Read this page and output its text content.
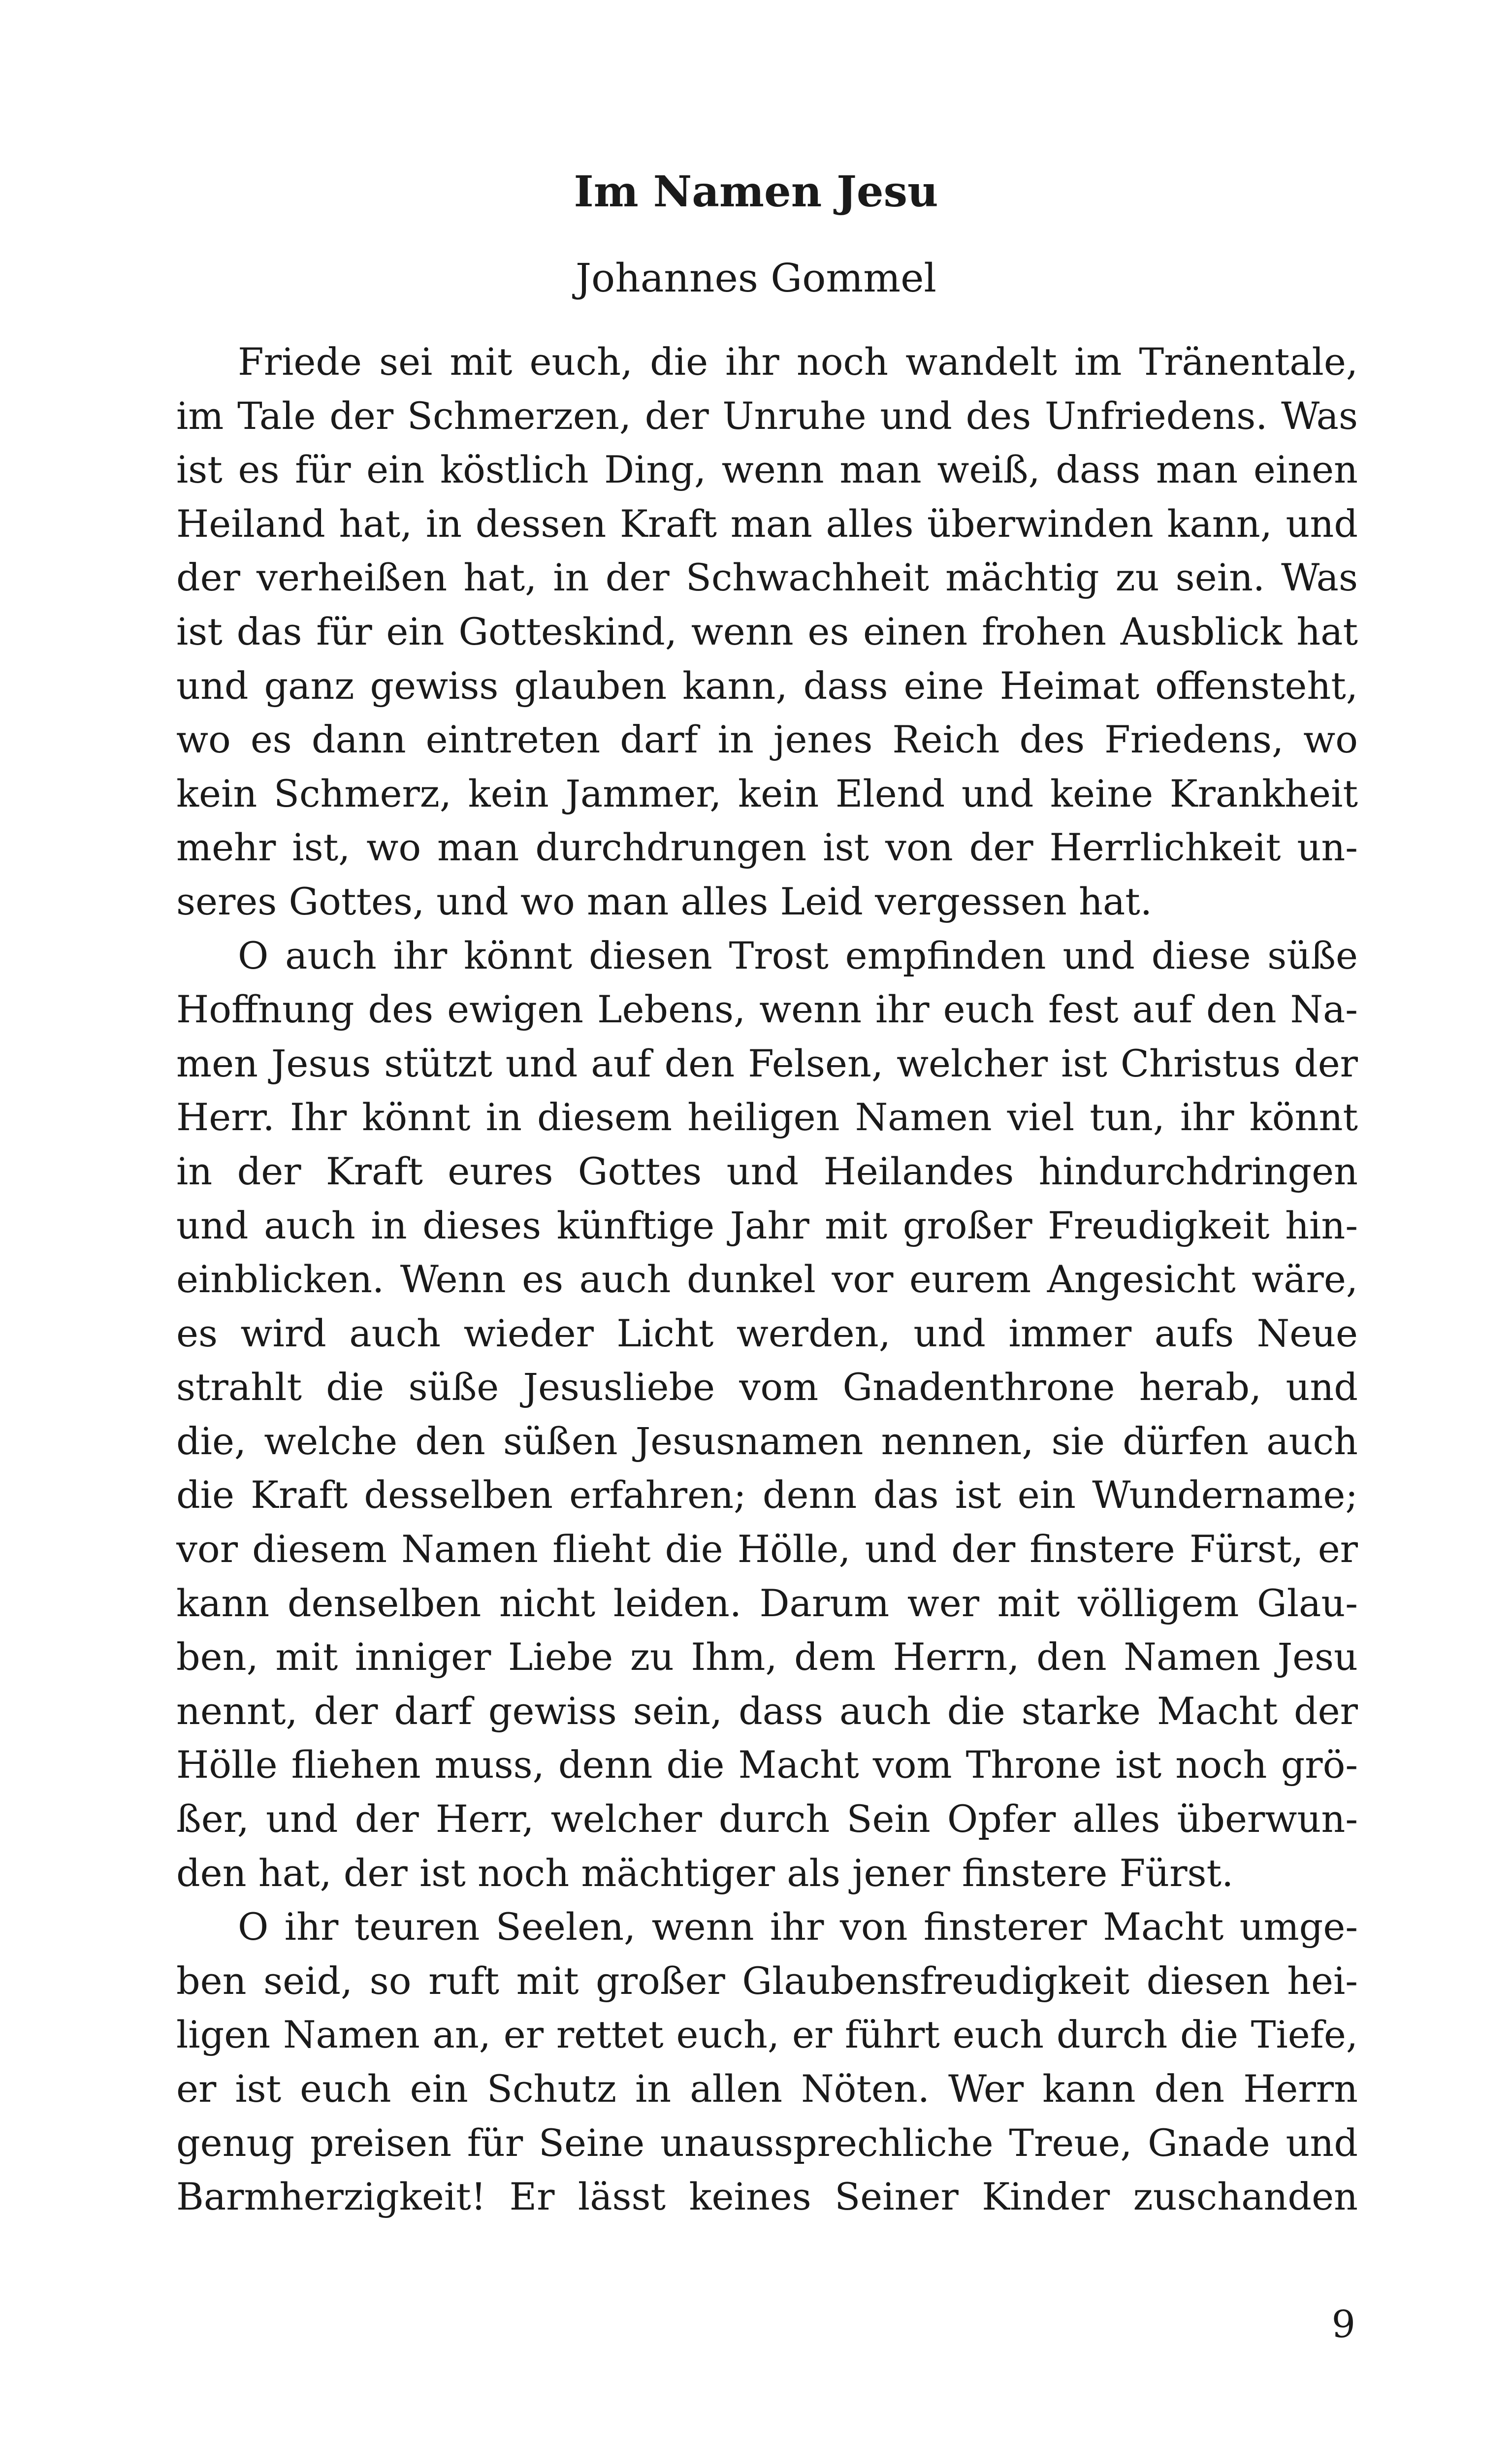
Im Namen Jesu
Johannes Gommel
Friede sei mit euch, die ihr noch wandelt im Tränentale,
im Tale der Schmerzen, der Unruhe und des Unfriedens. Was
ist es für ein köstlich Ding, wenn man weiß, dass man einen
Heiland hat, in dessen Kraft man alles überwinden kann, und
der verheißen hat, in der Schwachheit mächtig zu sein. Was
ist das für ein Gotteskind, wenn es einen frohen Ausblick hat
und ganz gewiss glauben kann, dass eine Heimat offensteht,
wo es dann eintreten darf in jenes Reich des Friedens, wo
kein Schmerz, kein Jammer, kein Elend und keine Krankheit
mehr ist, wo man durchdrungen ist von der Herrlichkeit un-
seres Gottes, und wo man alles Leid vergessen hat.
O auch ihr könnt diesen Trost empfinden und diese süße
Hoffnung des ewigen Lebens, wenn ihr euch fest auf den Na-
men Jesus stützt und auf den Felsen, welcher ist Christus der
Herr. Ihr könnt in diesem heiligen Namen viel tun, ihr könnt
in der Kraft eures Gottes und Heilandes hindurchdringen
und auch in dieses künftige Jahr mit großer Freudigkeit hin-
einblicken. Wenn es auch dunkel vor eurem Angesicht wäre,
es wird auch wieder Licht werden, und immer aufs Neue
strahlt die süße Jesusliebe vom Gnadenthrone herab, und
die, welche den süßen Jesusnamen nennen, sie dürfen auch
die Kraft desselben erfahren; denn das ist ein Wundername;
vor diesem Namen flieht die Hölle, und der finstere Fürst, er
kann denselben nicht leiden. Darum wer mit völligem Glau-
ben, mit inniger Liebe zu Ihm, dem Herrn, den Namen Jesu
nennt, der darf gewiss sein, dass auch die starke Macht der
Hölle fliehen muss, denn die Macht vom Throne ist noch grö-
ßer, und der Herr, welcher durch Sein Opfer alles überwun-
den hat, der ist noch mächtiger als jener finstere Fürst.
O ihr teuren Seelen, wenn ihr von finsterer Macht umge-
ben seid, so ruft mit großer Glaubensfreudigkeit diesen hei-
ligen Namen an, er rettet euch, er führt euch durch die Tiefe,
er ist euch ein Schutz in allen Nöten. Wer kann den Herrn
genug preisen für Seine unaussprechliche Treue, Gnade und
Barmherzigkeit! Er lässt keines Seiner Kinder zuschanden
9
